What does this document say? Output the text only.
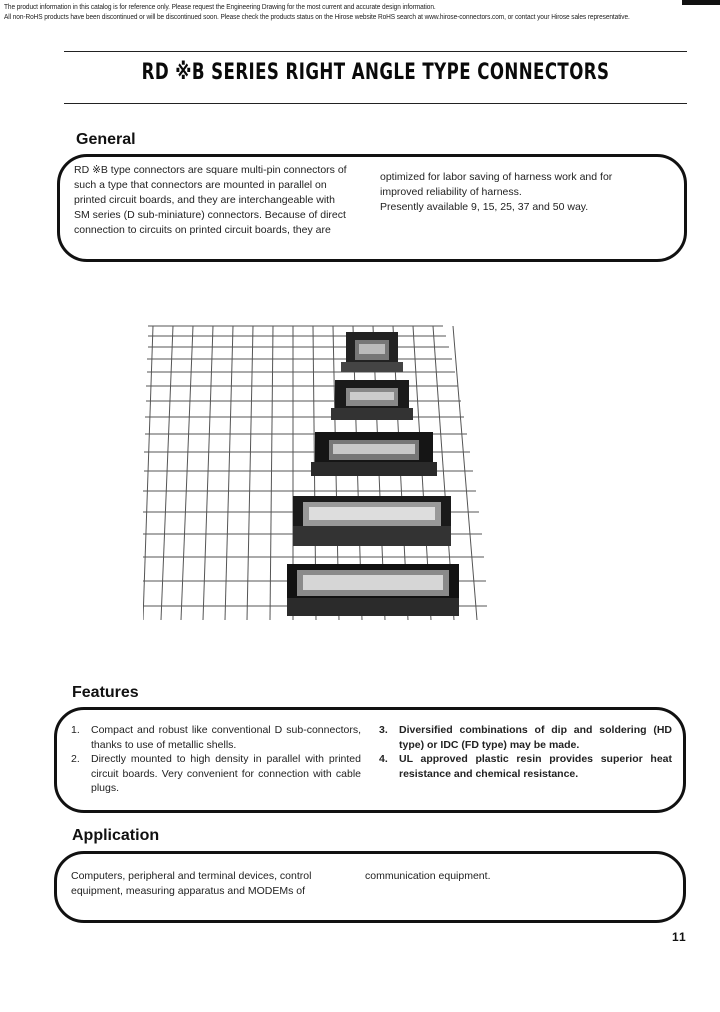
The product information in this catalog is for reference only. Please request the Engineering Drawing for the most current and accurate design information.
All non-RoHS products have been discontinued or will be discontinued soon. Please check the products status on the Hirose website RoHS search at www.hirose-connectors.com, or contact your Hirose sales representative.
RD ※B SERIES RIGHT ANGLE TYPE CONNECTORS
General
RD ※B type connectors are square multi-pin connectors of
such a type that connectors are mounted in parallel on
printed circuit boards, and they are interchangeable with
SM series (D sub-miniature) connectors. Because of direct
connection to circuits on printed circuit boards, they are
optimized for labor saving of harness work and for
improved reliability of harness.
Presently available 9, 15, 25, 37 and 50 way.
Features
1.	Compact and robust like conventional D sub-connectors, thanks to use of metallic shells.
2.	Directly mounted to high density in parallel with printed circuit boards. Very convenient for connection with cable plugs.
3.	Diversified combinations of dip and soldering (HD type) or IDC (FD type) may be made.
4.	UL approved plastic resin provides superior heat resistance and chemical resistance.
Application
Computers, peripheral and terminal devices, control
equipment, measuring apparatus and MODEMs of
communication equipment.
11
